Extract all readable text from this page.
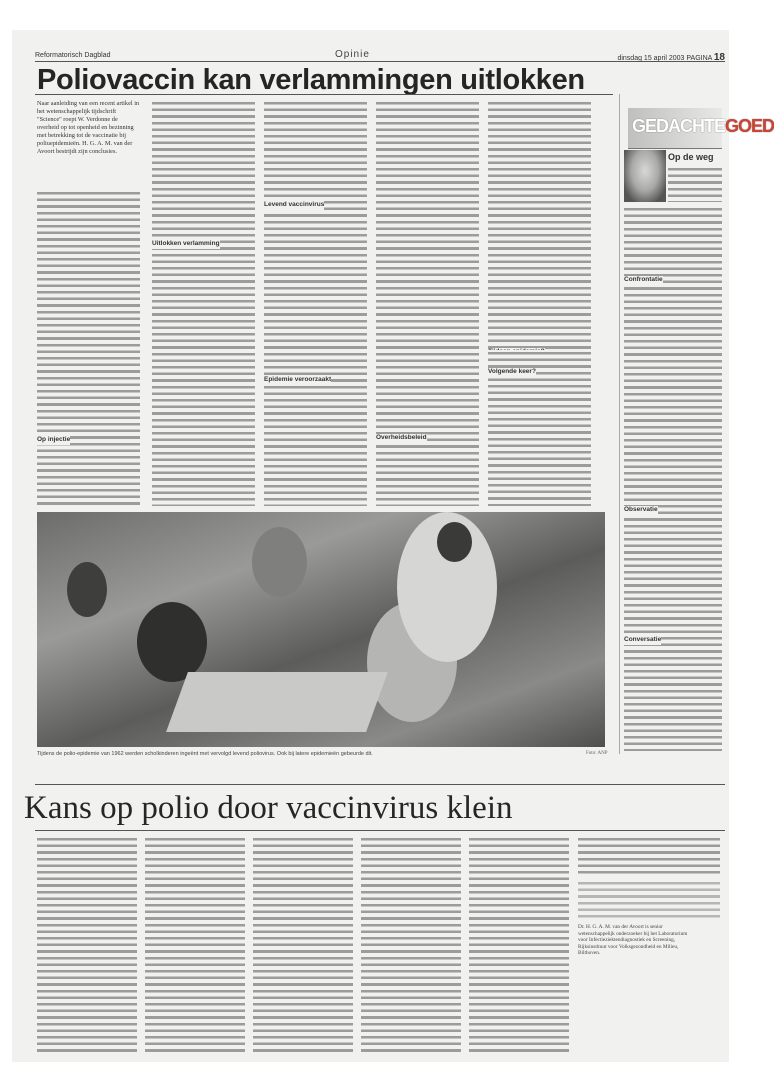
Reformatorisch Dagblad	Opinie	dinsdag 15 april 2003 PAGINA 18
Poliovaccin kan verlammingen uitlokken
Naar aanleiding van een recent artikel in het wetenschappelijk tijdschrift "Science" roept W. Verdonne de overheid op tot openheid en bezinning met betrekking tot de vaccinatie bij poliuepidemieën. H. G. A. M. van der Avoort bestrijdt zijn conclusies.
Op injectie
Uitlokken verlamming
Levend vaccinvirus
Epidemie veroorzaakt
Overheidsbeleid
Volgende keer?
Tijdens de polio-epidemie van 1962 werden scholkinderen ingeënt met vervolgd levend poliovirus. Ook bij latere epidemieën gebeurde dit.	Foto: ANP
GEDACHTEGOED
Op de weg
Confrontatie
Observatie
Conversatie
Kans op polio door vaccinvirus klein
Dr. H. G. A. M. van der Avoort is senior wetenschappelijk onderzoeker bij het Laboratorium voor Infectieziektendiagnostiek en Screening, Rijksinstituut voor Volksgezondheid en Milieu, Bilthoven.
